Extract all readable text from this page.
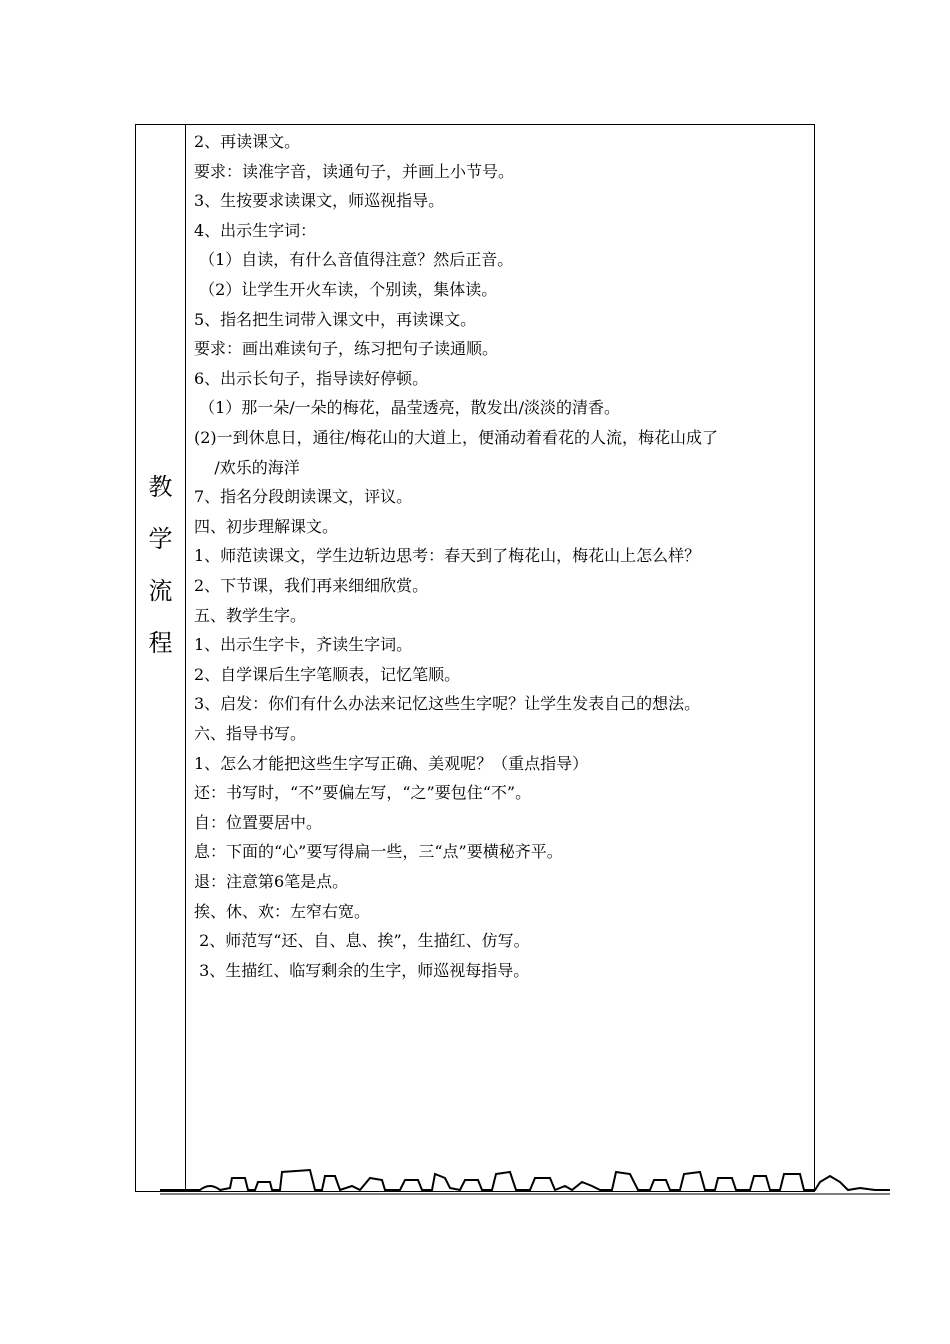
教
学
流
程
2、再读课文。
要求：读准字音，读通句子，并画上小节号。
3、生按要求读课文，师巡视指导。
4、出示生字词：
（1）自读，有什么音值得注意？然后正音。
（2）让学生开火车读，个别读，集体读。
5、指名把生词带入课文中，再读课文。
要求：画出难读句子，练习把句子读通顺。
6、出示长句子，指导读好停顿。
（1）那一朵/一朵的梅花，晶莹透亮，散发出/淡淡的清香。
(2)一到休息日，通往/梅花山的大道上，便涌动着看花的人流，梅花山成了
/欢乐的海洋
7、指名分段朗读课文，评议。
四、初步理解课文。
1、师范读课文，学生边斩边思考：春天到了梅花山，梅花山上怎么样？
2、下节课，我们再来细细欣赏。
五、教学生字。
1、出示生字卡，齐读生字词。
2、自学课后生字笔顺表，记忆笔顺。
3、启发：你们有什么办法来记忆这些生字呢？让学生发表自己的想法。
六、指导书写。
1、怎么才能把这些生字写正确、美观呢？（重点指导）
还：书写时，“不”要偏左写，“之”要包住“不”。
自：位置要居中。
息：下面的“心”要写得扁一些，三“点”要横秘齐平。
退：注意第6笔是点。
挨、休、欢：左窄右宽。
2、师范写“还、自、息、挨”，生描红、仿写。
3、生描红、临写剩余的生字，师巡视每指导。
